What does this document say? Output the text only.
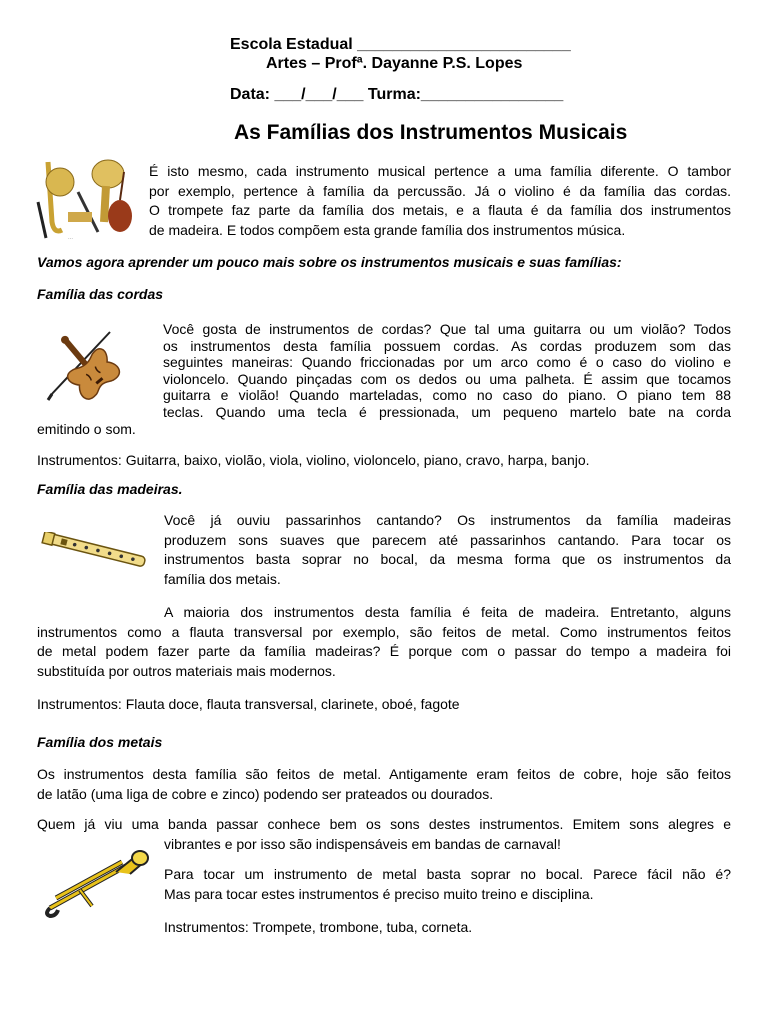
Escola Estadual ________________________
Artes – Profª. Dayanne P.S. Lopes
Data: ___/___/___ Turma:________________
As Famílias dos Instrumentos Musicais
⋯
É isto mesmo, cada instrumento musical pertence a uma família diferente. O tambor
por exemplo, pertence à família da percussão. Já o violino é da família das cordas.
O trompete faz parte da família dos metais, e a flauta é da família dos instrumentos
de madeira. E todos compõem esta grande família dos instrumentos música.
Vamos agora aprender um pouco mais sobre os instrumentos musicais e suas famílias:
Família das cordas
Você gosta de instrumentos de cordas? Que tal uma guitarra ou um violão? Todos
os instrumentos desta família possuem cordas. As cordas produzem som das
seguintes maneiras: Quando friccionadas por um arco como é o caso do violino e
violoncelo. Quando pinçadas com os dedos ou uma palheta. É assim que tocamos
guitarra e violão! Quando marteladas, como no caso do piano. O piano tem 88
teclas. Quando uma tecla é pressionada, um pequeno martelo bate na corda
emitindo o som.
Instrumentos: Guitarra, baixo, violão, viola, violino, violoncelo, piano, cravo, harpa, banjo.
Família das madeiras.
Você já ouviu passarinhos cantando? Os instrumentos da família madeiras
produzem sons suaves que parecem até passarinhos cantando. Para tocar os
instrumentos basta soprar no bocal, da mesma forma que os instrumentos da
família dos metais.
A maioria dos instrumentos desta família é feita de madeira. Entretanto, alguns
instrumentos como a flauta transversal por exemplo, são feitos de metal. Como instrumentos feitos
de metal podem fazer parte da família madeiras? É porque com o passar do tempo a madeira foi
substituída por outros materiais mais modernos.
Instrumentos: Flauta doce, flauta transversal, clarinete, oboé, fagote
Família dos metais
Os instrumentos desta família são feitos de metal. Antigamente eram feitos de cobre, hoje são feitos
de latão (uma liga de cobre e zinco) podendo ser prateados ou dourados.
Quem já viu uma banda passar conhece bem os sons destes instrumentos. Emitem sons alegres e
vibrantes e por isso são indispensáveis em bandas de carnaval!
Para tocar um instrumento de metal basta soprar no bocal. Parece fácil não é?
Mas para tocar estes instrumentos é preciso muito treino e disciplina.
Instrumentos: Trompete, trombone, tuba, corneta.
